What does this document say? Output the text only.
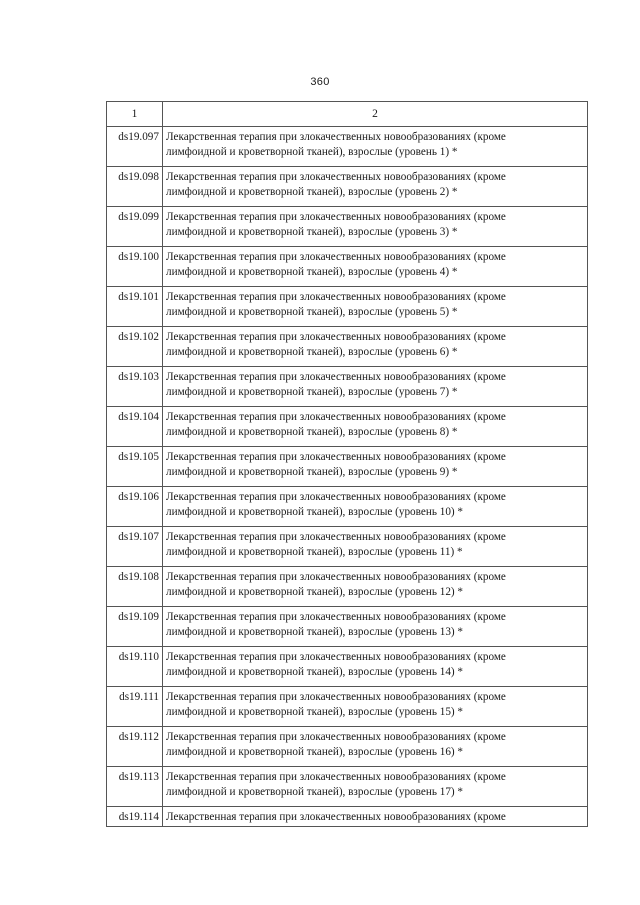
360
1	2
ds19.097	Лекарственная терапия при злокачественных новообразованиях (кроме
лимфоидной и кроветворной тканей), взрослые (уровень 1) *

ds19.098	Лекарственная терапия при злокачественных новообразованиях (кроме
лимфоидной и кроветворной тканей), взрослые (уровень 2) *

ds19.099	Лекарственная терапия при злокачественных новообразованиях (кроме
лимфоидной и кроветворной тканей), взрослые (уровень 3) *

ds19.100	Лекарственная терапия при злокачественных новообразованиях (кроме
лимфоидной и кроветворной тканей), взрослые (уровень 4) *

ds19.101	Лекарственная терапия при злокачественных новообразованиях (кроме
лимфоидной и кроветворной тканей), взрослые (уровень 5) *

ds19.102	Лекарственная терапия при злокачественных новообразованиях (кроме
лимфоидной и кроветворной тканей), взрослые (уровень 6) *

ds19.103	Лекарственная терапия при злокачественных новообразованиях (кроме
лимфоидной и кроветворной тканей), взрослые (уровень 7) *

ds19.104	Лекарственная терапия при злокачественных новообразованиях (кроме
лимфоидной и кроветворной тканей), взрослые (уровень 8) *

ds19.105	Лекарственная терапия при злокачественных новообразованиях (кроме
лимфоидной и кроветворной тканей), взрослые (уровень 9) *

ds19.106	Лекарственная терапия при злокачественных новообразованиях (кроме
лимфоидной и кроветворной тканей), взрослые (уровень 10) *

ds19.107	Лекарственная терапия при злокачественных новообразованиях (кроме
лимфоидной и кроветворной тканей), взрослые (уровень 11) *

ds19.108	Лекарственная терапия при злокачественных новообразованиях (кроме
лимфоидной и кроветворной тканей), взрослые (уровень 12) *

ds19.109	Лекарственная терапия при злокачественных новообразованиях (кроме
лимфоидной и кроветворной тканей), взрослые (уровень 13) *

ds19.110	Лекарственная терапия при злокачественных новообразованиях (кроме
лимфоидной и кроветворной тканей), взрослые (уровень 14) *

ds19.111	Лекарственная терапия при злокачественных новообразованиях (кроме
лимфоидной и кроветворной тканей), взрослые (уровень 15) *

ds19.112	Лекарственная терапия при злокачественных новообразованиях (кроме
лимфоидной и кроветворной тканей), взрослые (уровень 16) *

ds19.113	Лекарственная терапия при злокачественных новообразованиях (кроме
лимфоидной и кроветворной тканей), взрослые (уровень 17) *

ds19.114	Лекарственная терапия при злокачественных новообразованиях (кроме
